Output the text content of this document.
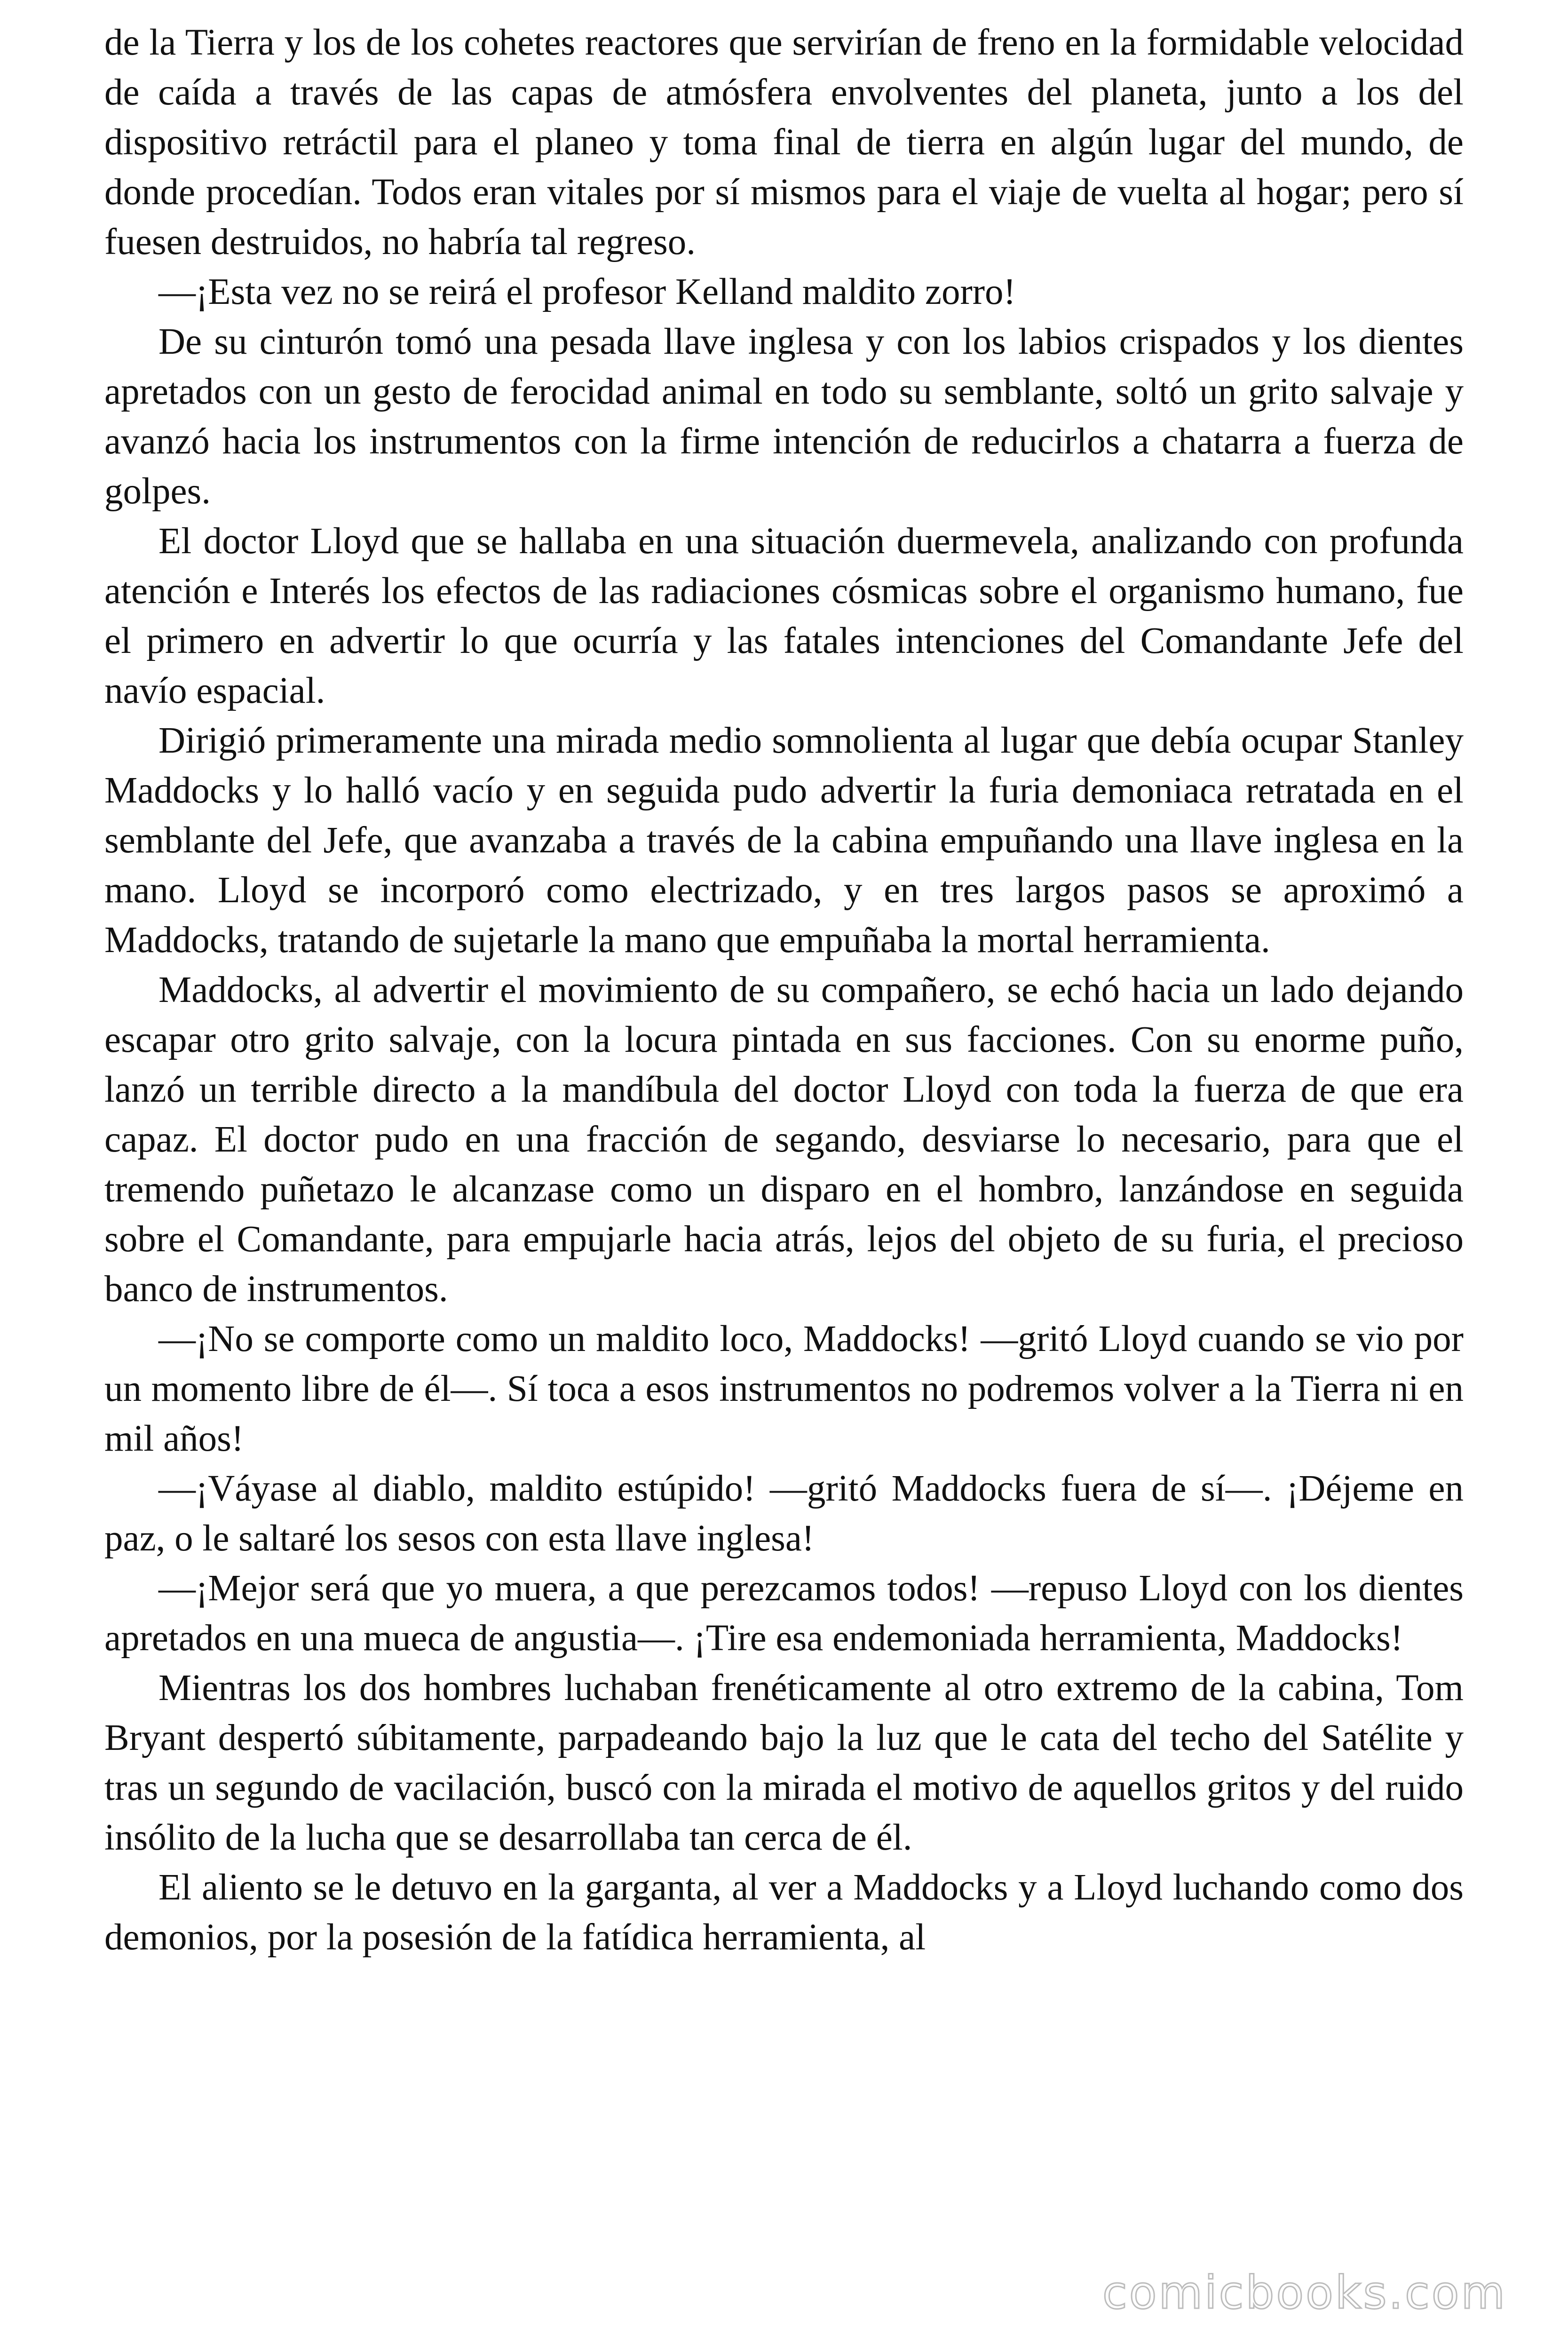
de la Tierra y los de los cohetes reactores que servirían de freno en la formidable velocidad de caída a través de las capas de atmósfera envolventes del planeta, junto a los del dispositivo retráctil para el planeo y toma final de tierra en algún lugar del mundo, de donde procedían. Todos eran vitales por sí mismos para el viaje de vuelta al hogar; pero sí fuesen destruidos, no habría tal regreso.

—¡Esta vez no se reirá el profesor Kelland maldito zorro!

De su cinturón tomó una pesada llave inglesa y con los labios crispados y los dientes apretados con un gesto de ferocidad animal en todo su semblante, soltó un grito salvaje y avanzó hacia los instrumentos con la firme intención de reducirlos a chatarra a fuerza de golpes.

El doctor Lloyd que se hallaba en una situación duermevela, analizando con profunda atención e Interés los efectos de las radiaciones cósmicas sobre el organismo humano, fue el primero en advertir lo que ocurría y las fatales intenciones del Comandante Jefe del navío espacial.

Dirigió primeramente una mirada medio somnolienta al lugar que debía ocupar Stanley Maddocks y lo halló vacío y en seguida pudo advertir la furia demoniaca retratada en el semblante del Jefe, que avanzaba a través de la cabina empuñando una llave inglesa en la mano. Lloyd se incorporó como electrizado, y en tres largos pasos se aproximó a Maddocks, tratando de sujetarle la mano que empuñaba la mortal herramienta.

Maddocks, al advertir el movimiento de su compañero, se echó hacia un lado dejando escapar otro grito salvaje, con la locura pintada en sus facciones. Con su enorme puño, lanzó un terrible directo a la mandíbula del doctor Lloyd con toda la fuerza de que era capaz. El doctor pudo en una fracción de segando, desviarse lo necesario, para que el tremendo puñetazo le alcanzase como un disparo en el hombro, lanzándose en seguida sobre el Comandante, para empujarle hacia atrás, lejos del objeto de su furia, el precioso banco de instrumentos.

—¡No se comporte como un maldito loco, Maddocks! —gritó Lloyd cuando se vio por un momento libre de él—. Sí toca a esos instrumentos no podremos volver a la Tierra ni en mil años!

—¡Váyase al diablo, maldito estúpido! —gritó Maddocks fuera de sí—. ¡Déjeme en paz, o le saltaré los sesos con esta llave inglesa!

—¡Mejor será que yo muera, a que perezcamos todos! —repuso Lloyd con los dientes apretados en una mueca de angustia—. ¡Tire esa endemoniada herramienta, Maddocks!

Mientras los dos hombres luchaban frenéticamente al otro extremo de la cabina, Tom Bryant despertó súbitamente, parpadeando bajo la luz que le cata del techo del Satélite y tras un segundo de vacilación, buscó con la mirada el motivo de aquellos gritos y del ruido insólito de la lucha que se desarrollaba tan cerca de él.

El aliento se le detuvo en la garganta, al ver a Maddocks y a Lloyd luchando como dos demonios, por la posesión de la fatídica herramienta, al

comicbooks.com
